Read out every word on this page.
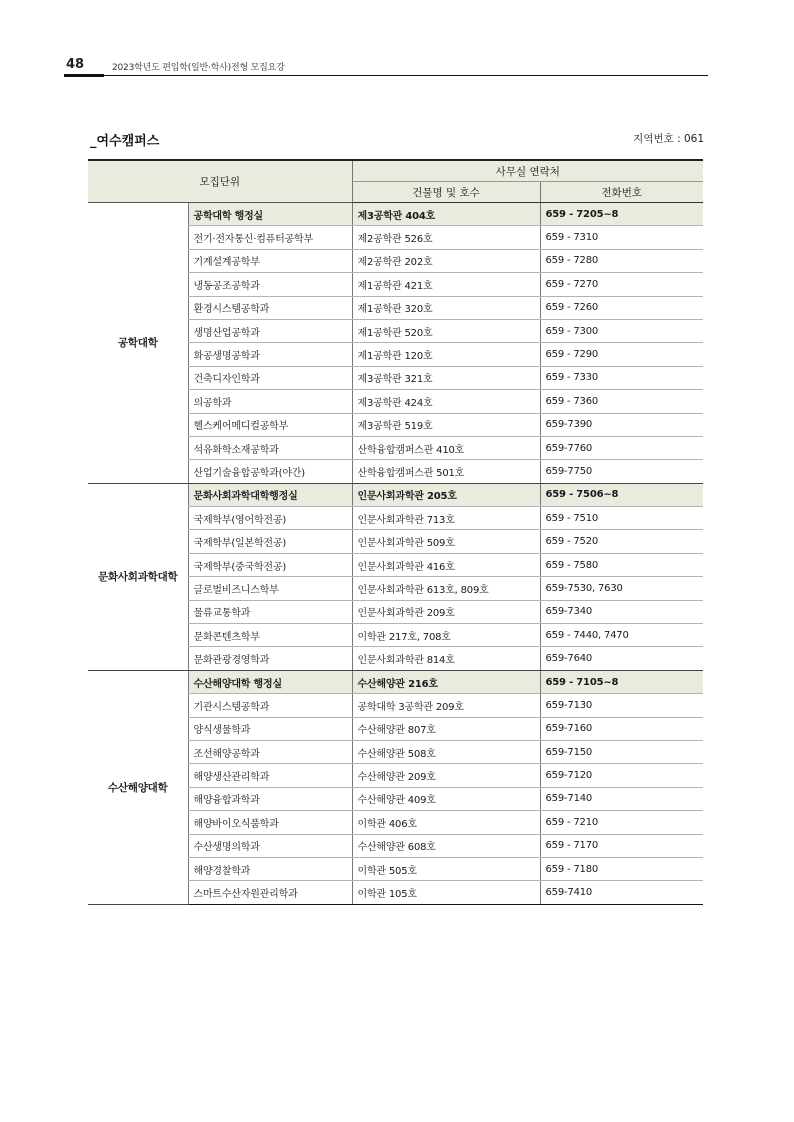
48	2023학년도 편입학(일반·학사)전형 모집요강
_여수캠퍼스	지역번호 : 061
모집단위		사무실 연락처	
		건물명 및 호수	전화번호
공학대학	공학대학 행정실	제3공학관 404호	659 - 7205~8
	전기·전자통신·컴퓨터공학부	제2공학관 526호	659 - 7310
	기계설계공학부	제2공학관 202호	659 - 7280
	냉동공조공학과	제1공학관 421호	659 - 7270
	환경시스템공학과	제1공학관 320호	659 - 7260
	생명산업공학과	제1공학관 520호	659 - 7300
	화공생명공학과	제1공학관 120호	659 - 7290
	건축디자인학과	제3공학관 321호	659 - 7330
	의공학과	제3공학관 424호	659 - 7360
	헬스케어메디컬공학부	제3공학관 519호	659-7390
	석유화학소재공학과	산학융합캠퍼스관 410호	659-7760
	산업기술융합공학과(야간)	산학융합캠퍼스관 501호	659-7750
문화사회과학대학	문화사회과학대학행정실	인문사회과학관 205호	659 - 7506~8
	국제학부(영어학전공)	인문사회과학관 713호	659 - 7510
	국제학부(일본학전공)	인문사회과학관 509호	659 - 7520
	국제학부(중국학전공)	인문사회과학관 416호	659 - 7580
	글로벌비즈니스학부	인문사회과학관 613호, 809호	659-7530, 7630
	물류교통학과	인문사회과학관 209호	659-7340
	문화콘텐츠학부	이학관 217호, 708호	659 - 7440, 7470
	문화관광경영학과	인문사회과학관 814호	659-7640
수산해양대학	수산해양대학 행정실	수산해양관 216호	659 - 7105~8
	기관시스템공학과	공학대학 3공학관 209호	659-7130
	양식생물학과	수산해양관 807호	659-7160
	조선해양공학과	수산해양관 508호	659-7150
	해양생산관리학과	수산해양관 209호	659-7120
	해양융합과학과	수산해양관 409호	659-7140
	해양바이오식품학과	이학관 406호	659 - 7210
	수산생명의학과	수산해양관 608호	659 - 7170
	해양경찰학과	이학관 505호	659 - 7180
	스마트수산자원관리학과	이학관 105호	659-7410
